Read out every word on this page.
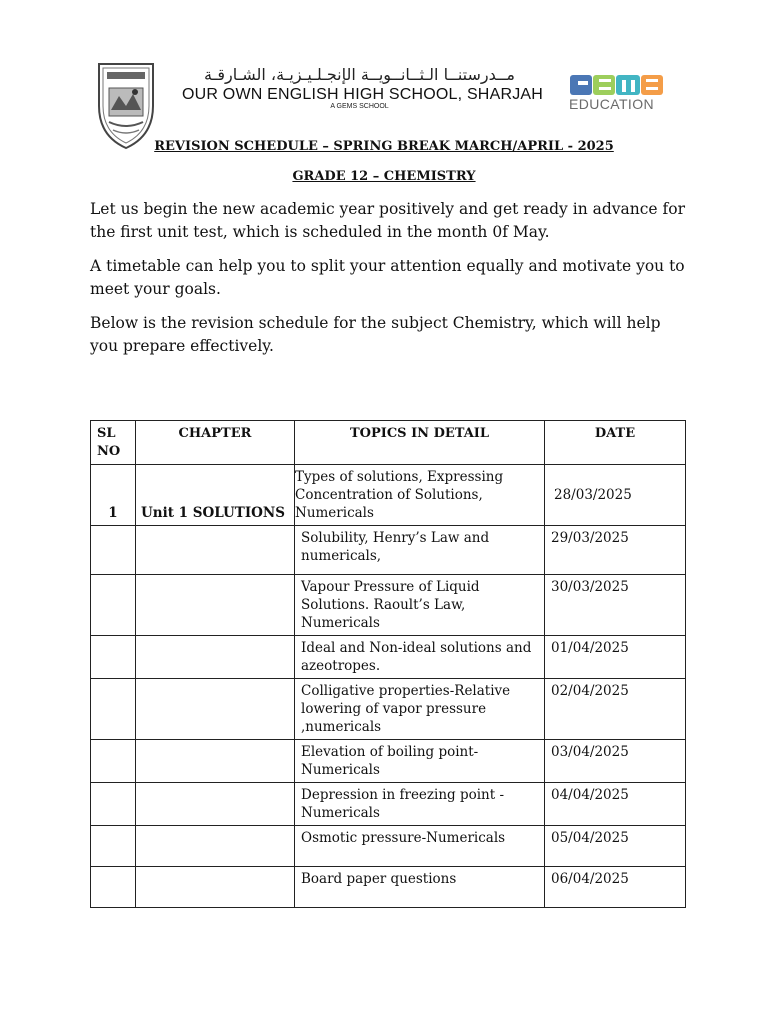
مــدرستنــا الـثــانــويــة الإنجـلـيـزيـة، الشـارقـة
OUR OWN ENGLISH HIGH SCHOOL, SHARJAH
A GEMS SCHOOL	EDUCATION
REVISION SCHEDULE – SPRING BREAK MARCH/APRIL - 2025
GRADE 12 – CHEMISTRY

Let us begin the new academic year positively and get ready in advance for the first unit test, which is scheduled in the month 0f May.

A timetable can help you to split your attention equally and motivate you to meet your goals.

Below is the revision schedule for the subject Chemistry, which will help you prepare effectively.

SL NO	CHAPTER	TOPICS IN DETAIL	DATE
1	Unit 1 SOLUTIONS	Types of solutions, Expressing Concentration of Solutions, Numericals	28/03/2025
		Solubility, Henry’s Law and numericals,	29/03/2025
		Vapour Pressure of Liquid Solutions. Raoult’s Law, Numericals	30/03/2025
		Ideal and Non-ideal solutions and azeotropes.	01/04/2025
		Colligative properties-Relative lowering of vapor pressure ,numericals	02/04/2025
		Elevation of boiling point-Numericals	03/04/2025
		Depression in freezing point - Numericals	04/04/2025
		Osmotic pressure-Numericals	05/04/2025
		Board paper questions	06/04/2025
